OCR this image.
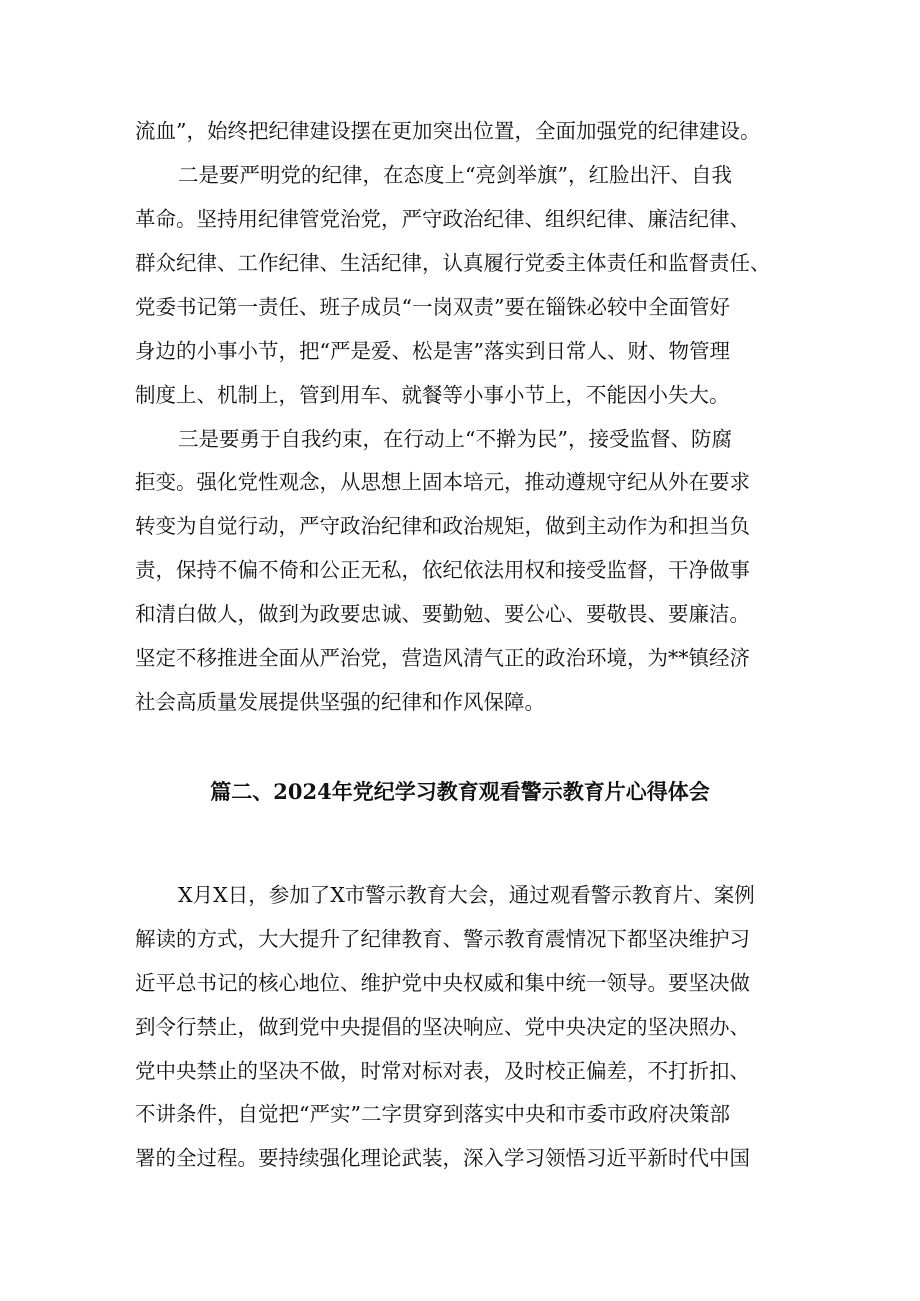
流血”，始终把纪律建设摆在更加突出位置，全面加强党的纪律建设。
二是要严明党的纪律，在态度上“亮剑举旗”，红脸出汗、自我
革命。坚持用纪律管党治党，严守政治纪律、组织纪律、廉洁纪律、
群众纪律、工作纪律、生活纪律，认真履行党委主体责任和监督责任、
党委书记第一责任、班子成员“一岗双责”要在锱铢必较中全面管好
身边的小事小节，把“严是爱、松是害”落实到日常人、财、物管理
制度上、机制上，管到用车、就餐等小事小节上，不能因小失大。
三是要勇于自我约束，在行动上“不擀为民”，接受监督、防腐
拒变。强化党性观念，从思想上固本培元，推动遵规守纪从外在要求
转变为自觉行动，严守政治纪律和政治规矩，做到主动作为和担当负
责，保持不偏不倚和公正无私，依纪依法用权和接受监督，干净做事
和清白做人，做到为政要忠诚、要勤勉、要公心、要敬畏、要廉洁。
坚定不移推进全面从严治党，营造风清气正的政治环境，为**镇经济
社会高质量发展提供坚强的纪律和作风保障。
篇二、2024年党纪学习教育观看警示教育片心得体会
X月X日，参加了X市警示教育大会，通过观看警示教育片、案例
解读的方式，大大提升了纪律教育、警示教育震情况下都坚决维护习
近平总书记的核心地位、维护党中央权威和集中统一领导。要坚决做
到令行禁止，做到党中央提倡的坚决响应、党中央决定的坚决照办、
党中央禁止的坚决不做，时常对标对表，及时校正偏差，不打折扣、
不讲条件，自觉把“严实”二字贯穿到落实中央和市委市政府决策部
署的全过程。要持续强化理论武装，深入学习领悟习近平新时代中国
